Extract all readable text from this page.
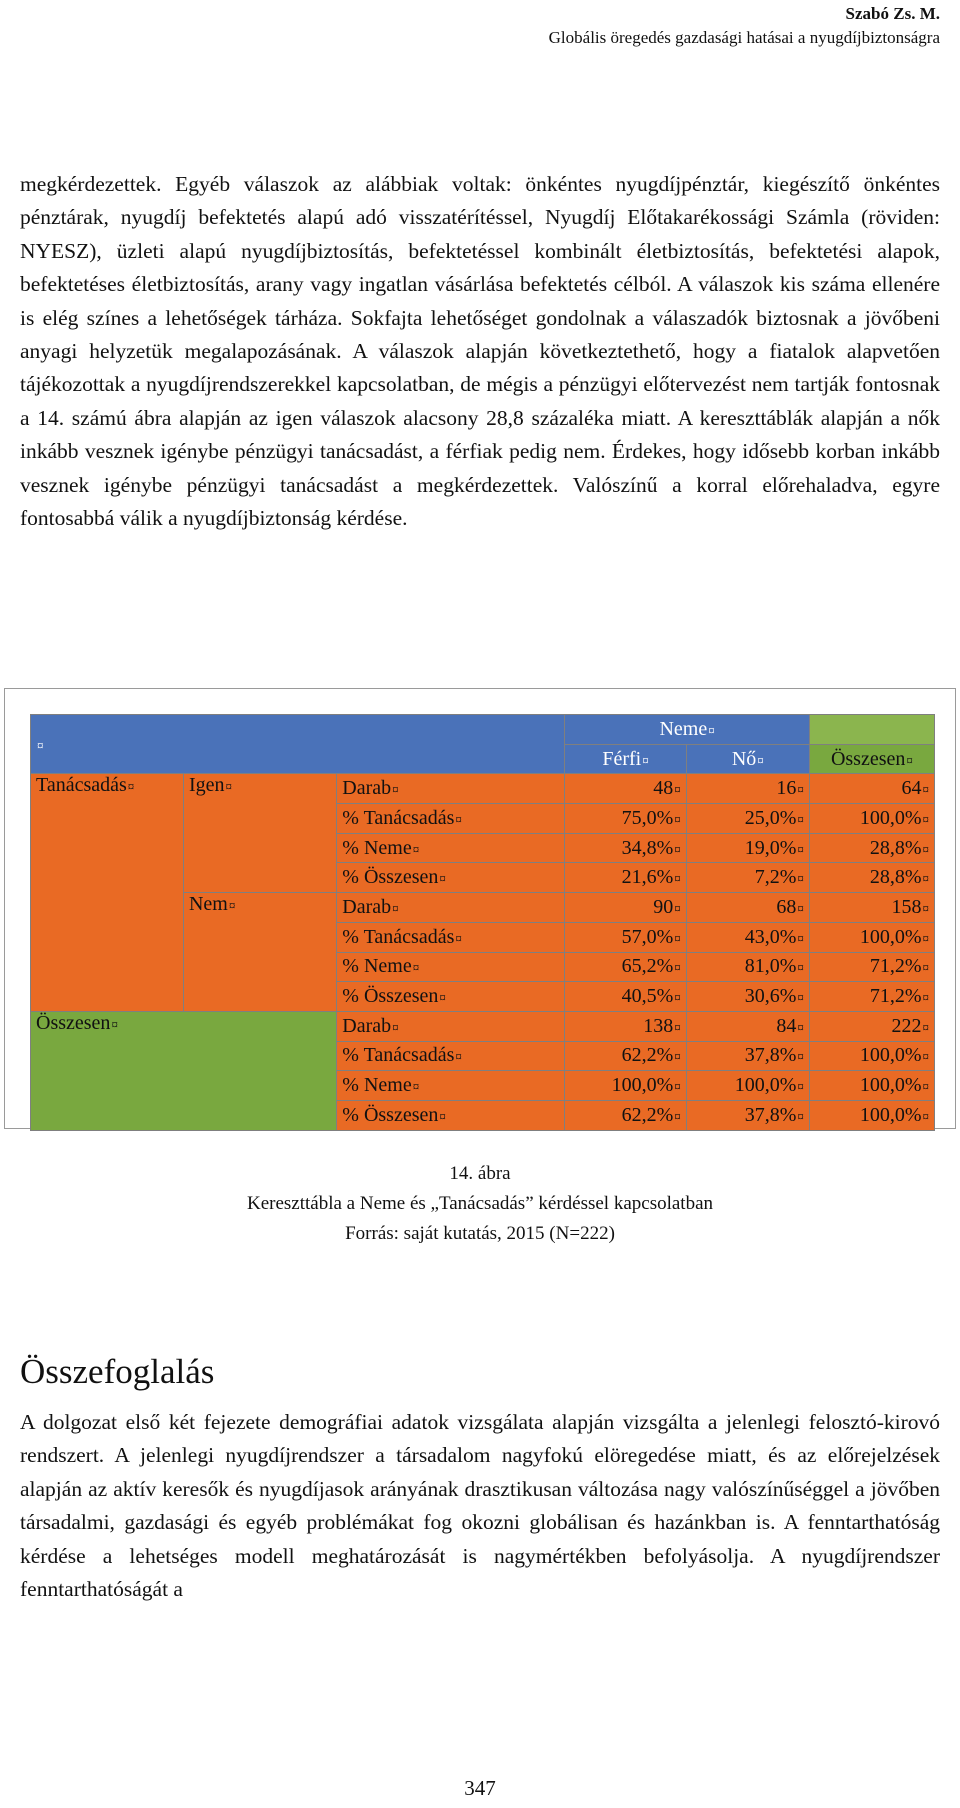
Szabó Zs. M.
Globális öregedés gazdasági hatásai a nyugdíjbiztonságra

megkérdezettek. Egyéb válaszok az alábbiak voltak: önkéntes nyugdíjpénztár, kiegészítő önkéntes pénztárak, nyugdíj befektetés alapú adó visszatérítéssel, Nyugdíj Előtakarékossági Számla (röviden: NYESZ), üzleti alapú nyugdíjbiztosítás, befektetéssel kombinált életbiztosítás, befektetési alapok, befektetéses életbiztosítás, arany vagy ingatlan vásárlása befektetés célból. A válaszok kis száma ellenére is elég színes a lehetőségek tárháza. Sokfajta lehetőséget gondolnak a válaszadók biztosnak a jövőbeni anyagi helyzetük megalapozásának. A válaszok alapján következtethető, hogy a fiatalok alapvetően tájékozottak a nyugdíjrendszerekkel kapcsolatban, de mégis a pénzügyi előtervezést nem tartják fontosnak a 14. számú ábra alapján az igen válaszok alacsony 28,8 százaléka miatt. A kereszttáblák alapján a nők inkább vesznek igénybe pénzügyi tanácsadást, a férfiak pedig nem. Érdekes, hogy idősebb korban inkább vesznek igénybe pénzügyi tanácsadást a megkérdezettek. Valószínű a korral előrehaladva, egyre fontosabbá válik a nyugdíjbiztonság kérdése.

¤			Neme¤		
			Férfi¤	Nő¤	Összesen¤
Tanácsadás¤	Igen¤	Darab¤	48¤	16¤	64¤
		% Tanácsadás¤	75,0%¤	25,0%¤	100,0%¤
		% Neme¤	34,8%¤	19,0%¤	28,8%¤
		% Összesen¤	21,6%¤	7,2%¤	28,8%¤
	Nem¤	Darab¤	90¤	68¤	158¤
		% Tanácsadás¤	57,0%¤	43,0%¤	100,0%¤
		% Neme¤	65,2%¤	81,0%¤	71,2%¤
		% Összesen¤	40,5%¤	30,6%¤	71,2%¤
Összesen¤		Darab¤	138¤	84¤	222¤
		% Tanácsadás¤	62,2%¤	37,8%¤	100,0%¤
		% Neme¤	100,0%¤	100,0%¤	100,0%¤
		% Összesen¤	62,2%¤	37,8%¤	100,0%¤
14. ábra
Kereszttábla a Neme és „Tanácsadás” kérdéssel kapcsolatban
Forrás: saját kutatás, 2015 (N=222)
Összefoglalás

A dolgozat első két fejezete demográfiai adatok vizsgálata alapján vizsgálta a jelenlegi felosztó-kirovó rendszert. A jelenlegi nyugdíjrendszer a társadalom nagyfokú elöregedése miatt, és az előrejelzések alapján az aktív keresők és nyugdíjasok arányának drasztikusan változása nagy valószínűséggel a jövőben társadalmi, gazdasági és egyéb problémákat fog okozni globálisan és hazánkban is. A fenntarthatóság kérdése a lehetséges modell meghatározását is nagymértékben befolyásolja. A nyugdíjrendszer fenntarthatóságát a

347
